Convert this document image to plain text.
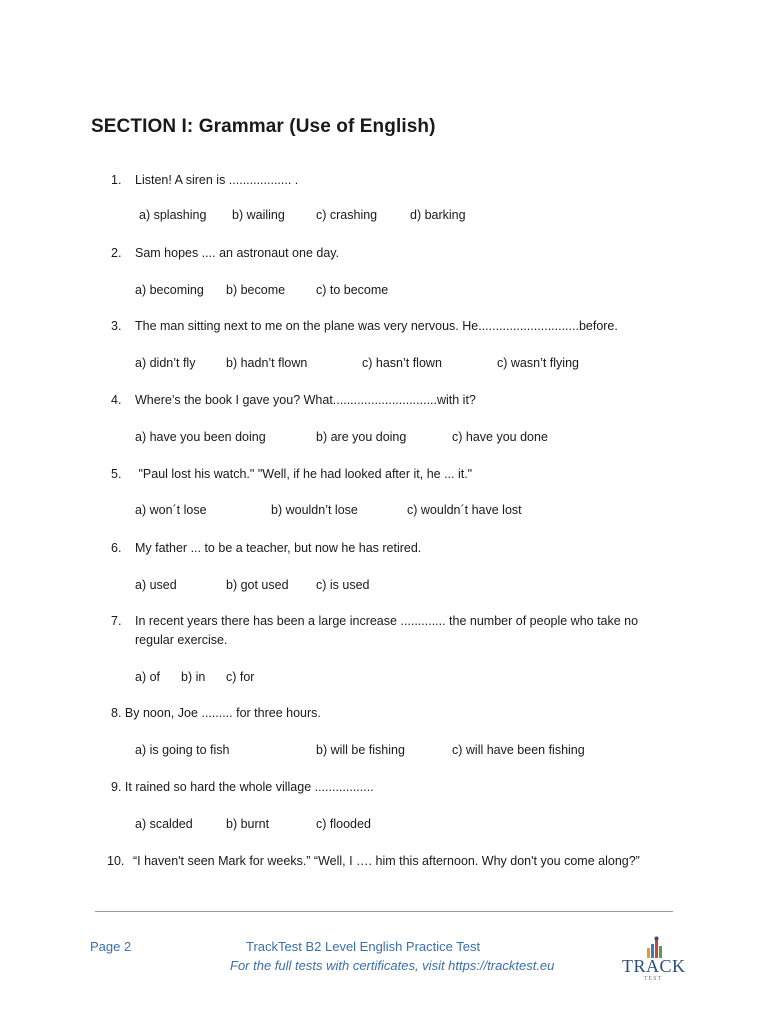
SECTION I: Grammar (Use of English)
1. Listen! A siren is .................. .
a) splashing b) wailing c) crashing	d) barking
2. Sam hopes .... an astronaut one day.
a) becoming b) become c) to become
3. The man sitting next to me on the plane was very nervous. He.............................before.
a) didn’t fly b) hadn’t flown	c) hasn’t flown	c) wasn’t flying
4. Where’s the book I gave you? What..............................with it?
a) have you been doing	b) are you doing	c) have you done
5. "Paul lost his watch." "Well, if he had looked after it, he ... it."
a) won´t lose	b) wouldn’t lose	c) wouldn´t have lost
6. My father ... to be a teacher, but now he has retired.
a) used	b) got used c) is used
7. In recent years there has been a large increase ............. the number of people who take no
regular exercise.
a) of b) in c) for
8. By noon, Joe ......... for three hours.
a) is going to fish	b) will be fishing	c) will have been fishing
9. It rained so hard the whole village .................
a) scalded	b) burnt	c) flooded
10. “I haven't seen Mark for weeks.” “Well, I …. him this afternoon. Why don't you come along?”
Page 2	TrackTest B2 Level English Practice Test
For the full tests with certificates, visit https://tracktest.eu	TRACK
TEST
